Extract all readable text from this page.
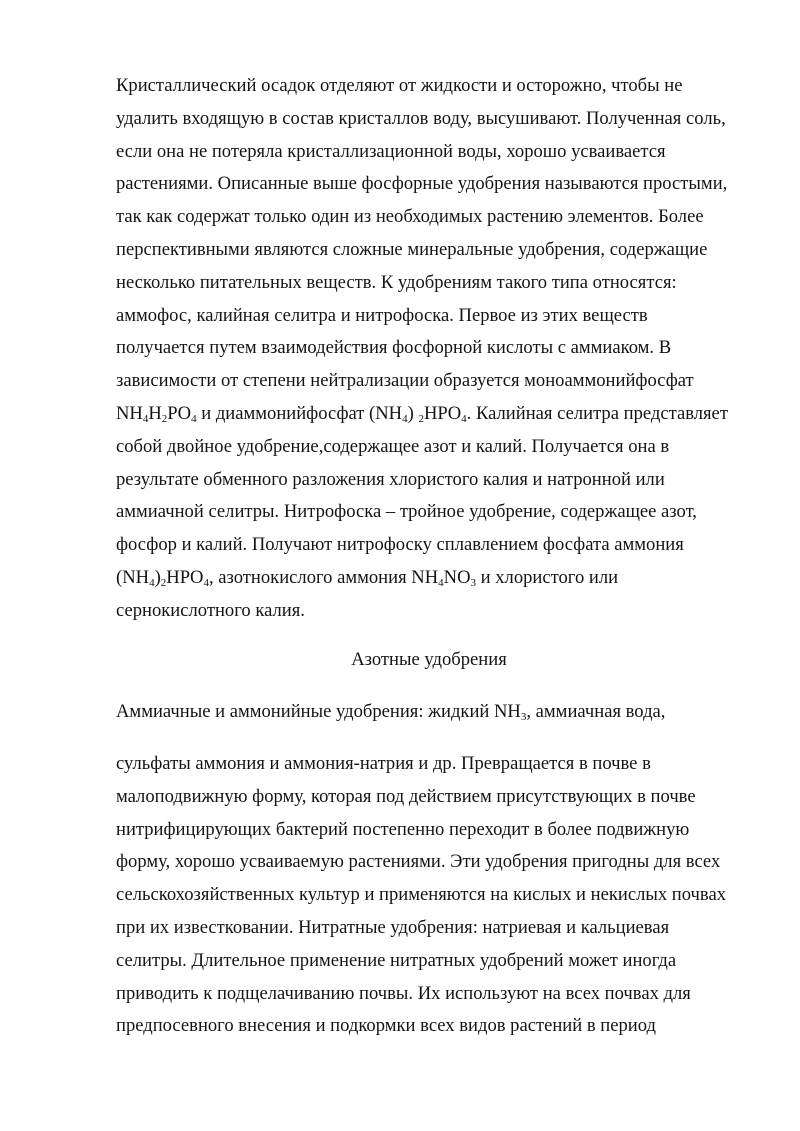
Кристаллический осадок отделяют от жидкости и осторожно, чтобы не

удалить входящую в состав кристаллов воду, высушивают. Полученная соль,

если она не потеряла кристаллизационной воды, хорошо усваивается

растениями. Описанные выше фосфорные удобрения называются простыми,

так как содержат только один из необходимых растению элементов. Более

перспективными являются сложные минеральные удобрения, содержащие

несколько питательных веществ. К удобрениям такого типа относятся:

аммофос, калийная селитра и нитрофоска. Первое из этих веществ

получается путем взаимодействия фосфорной кислоты с аммиаком. В

зависимости от степени нейтрализации образуется моноаммонийфосфат

$NH_4H_2PO_4$ и диаммонийфосфат $(NH_4)$ $_2HPO_4$. Калийная селитра представляет

собой двойное удобрение,содержащее азот и калий. Получается она в

результате обменного разложения хлористого калия и натронной или

аммиачной селитры. Нитрофоска – тройное удобрение, содержащее азот,

фосфор и калий. Получают нитрофоску сплавлением фосфата аммония

$(NH_4)_2HPO_4$, азотнокислого аммония $NH_4NO_3$ и хлористого или

сернокислотного калия.

Азотные удобрения

Аммиачные и аммонийные удобрения: жидкий $NH_3$, аммиачная вода,

сульфаты аммония и аммония-натрия и др. Превращается в почве в

малоподвижную форму, которая под действием присутствующих в почве

нитрифицирующих бактерий постепенно переходит в более подвижную

форму, хорошо усваиваемую растениями. Эти удобрения пригодны для всех

сельскохозяйственных культур и применяются на кислых и некислых почвах

при их известковании. Нитратные удобрения: натриевая и кальциевая

селитры. Длительное применение нитратных удобрений может иногда

приводить к подщелачиванию почвы. Их используют на всех почвах для

предпосевного внесения и подкормки всех видов растений в период
